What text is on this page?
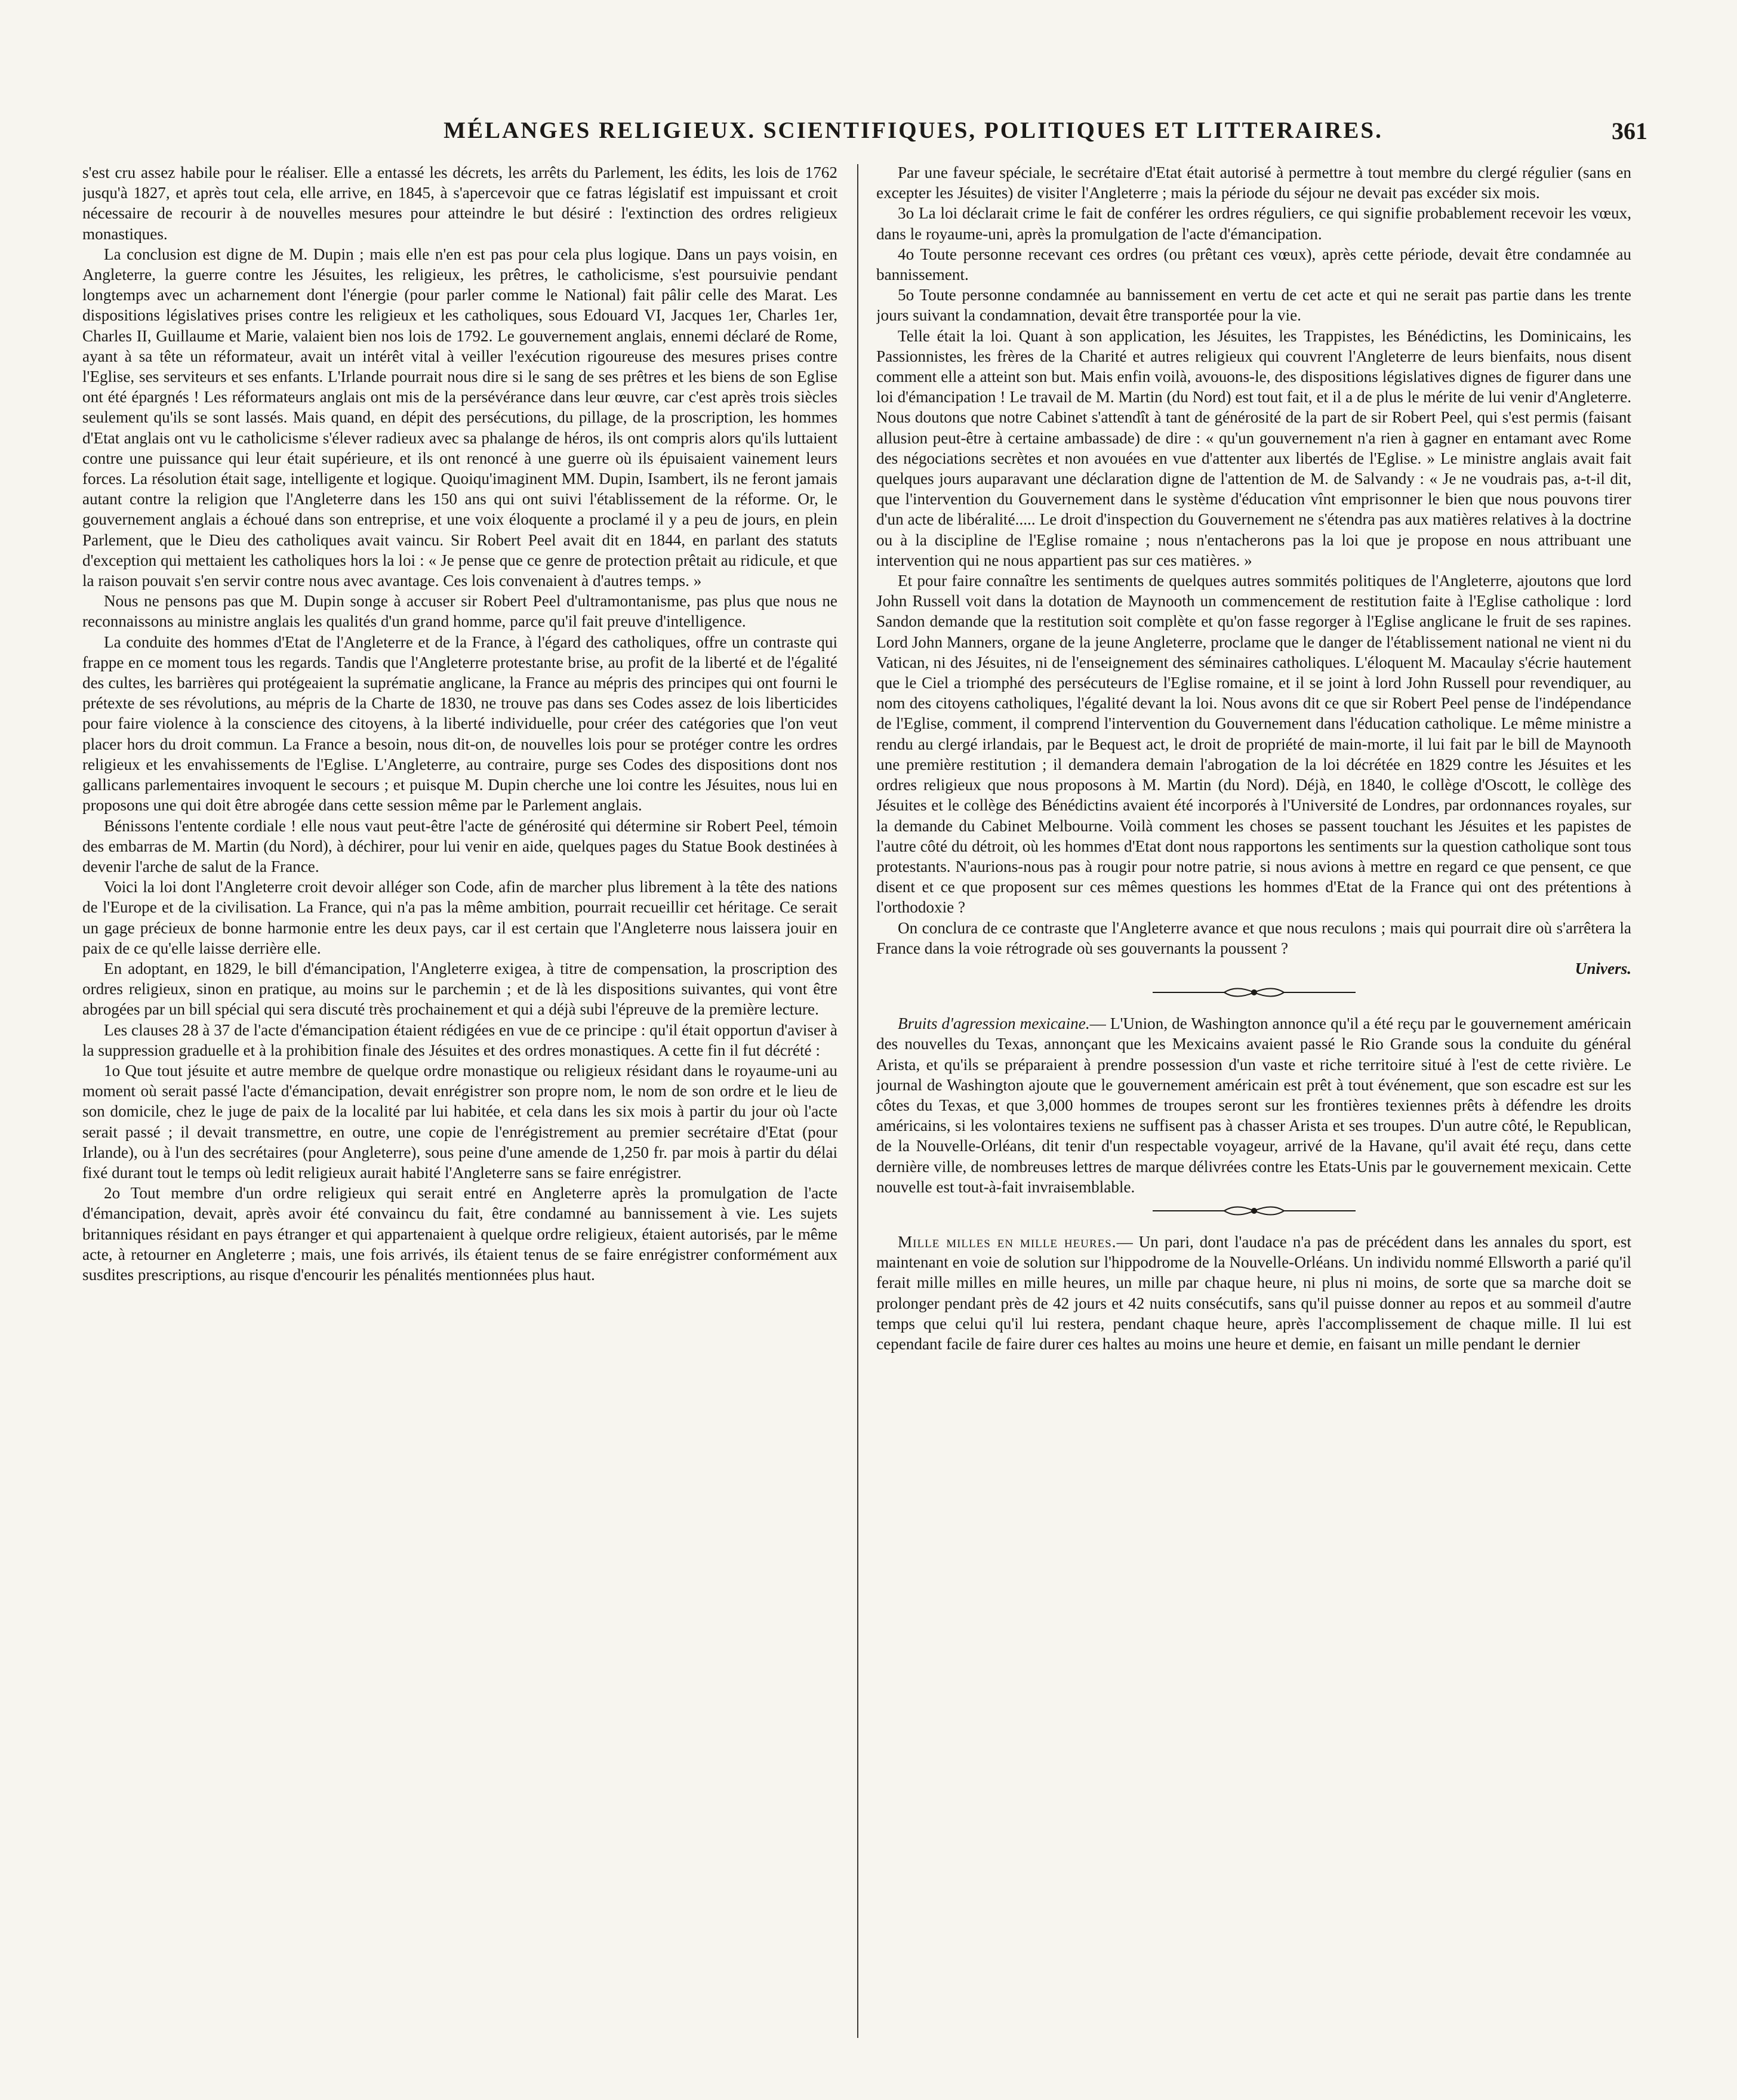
MÉLANGES RELIGIEUX. SCIENTIFIQUES, POLITIQUES ET LITTERAIRES.	361

s'est cru assez habile pour le réaliser. Elle a entassé les décrets, les arrêts du Parlement, les édits, les lois de 1762 jusqu'à 1827, et après tout cela, elle arrive, en 1845, à s'apercevoir que ce fatras législatif est impuissant et croit nécessaire de recourir à de nouvelles mesures pour atteindre le but désiré : l'extinction des ordres religieux monastiques.

La conclusion est digne de M. Dupin ; mais elle n'en est pas pour cela plus logique. Dans un pays voisin, en Angleterre, la guerre contre les Jésuites, les religieux, les prêtres, le catholicisme, s'est poursuivie pendant longtemps avec un acharnement dont l'énergie (pour parler comme le National) fait pâlir celle des Marat. Les dispositions législatives prises contre les religieux et les catholiques, sous Edouard VI, Jacques 1er, Charles 1er, Charles II, Guillaume et Marie, valaient bien nos lois de 1792. Le gouvernement anglais, ennemi déclaré de Rome, ayant à sa tête un réformateur, avait un intérêt vital à veiller l'exécution rigoureuse des mesures prises contre l'Eglise, ses serviteurs et ses enfants. L'Irlande pourrait nous dire si le sang de ses prêtres et les biens de son Eglise ont été épargnés ! Les réformateurs anglais ont mis de la persévérance dans leur œuvre, car c'est après trois siècles seulement qu'ils se sont lassés. Mais quand, en dépit des persécutions, du pillage, de la proscription, les hommes d'Etat anglais ont vu le catholicisme s'élever radieux avec sa phalange de héros, ils ont compris alors qu'ils luttaient contre une puissance qui leur était supérieure, et ils ont renoncé à une guerre où ils épuisaient vainement leurs forces. La résolution était sage, intelligente et logique. Quoiqu'imaginent MM. Dupin, Isambert, ils ne feront jamais autant contre la religion que l'Angleterre dans les 150 ans qui ont suivi l'établissement de la réforme. Or, le gouvernement anglais a échoué dans son entreprise, et une voix éloquente a proclamé il y a peu de jours, en plein Parlement, que le Dieu des catholiques avait vaincu. Sir Robert Peel avait dit en 1844, en parlant des statuts d'exception qui mettaient les catholiques hors la loi : « Je pense que ce genre de protection prêtait au ridicule, et que la raison pouvait s'en servir contre nous avec avantage. Ces lois convenaient à d'autres temps. »

Nous ne pensons pas que M. Dupin songe à accuser sir Robert Peel d'ultramontanisme, pas plus que nous ne reconnaissons au ministre anglais les qualités d'un grand homme, parce qu'il fait preuve d'intelligence.

La conduite des hommes d'Etat de l'Angleterre et de la France, à l'égard des catholiques, offre un contraste qui frappe en ce moment tous les regards. Tandis que l'Angleterre protestante brise, au profit de la liberté et de l'égalité des cultes, les barrières qui protégeaient la suprématie anglicane, la France au mépris des principes qui ont fourni le prétexte de ses révolutions, au mépris de la Charte de 1830, ne trouve pas dans ses Codes assez de lois liberticides pour faire violence à la conscience des citoyens, à la liberté individuelle, pour créer des catégories que l'on veut placer hors du droit commun. La France a besoin, nous dit-on, de nouvelles lois pour se protéger contre les ordres religieux et les envahissements de l'Eglise. L'Angleterre, au contraire, purge ses Codes des dispositions dont nos gallicans parlementaires invoquent le secours ; et puisque M. Dupin cherche une loi contre les Jésuites, nous lui en proposons une qui doit être abrogée dans cette session même par le Parlement anglais.

Bénissons l'entente cordiale ! elle nous vaut peut-être l'acte de générosité qui détermine sir Robert Peel, témoin des embarras de M. Martin (du Nord), à déchirer, pour lui venir en aide, quelques pages du Statue Book destinées à devenir l'arche de salut de la France.

Voici la loi dont l'Angleterre croit devoir alléger son Code, afin de marcher plus librement à la tête des nations de l'Europe et de la civilisation. La France, qui n'a pas la même ambition, pourrait recueillir cet héritage. Ce serait un gage précieux de bonne harmonie entre les deux pays, car il est certain que l'Angleterre nous laissera jouir en paix de ce qu'elle laisse derrière elle.

En adoptant, en 1829, le bill d'émancipation, l'Angleterre exigea, à titre de compensation, la proscription des ordres religieux, sinon en pratique, au moins sur le parchemin ; et de là les dispositions suivantes, qui vont être abrogées par un bill spécial qui sera discuté très prochainement et qui a déjà subi l'épreuve de la première lecture.

Les clauses 28 à 37 de l'acte d'émancipation étaient rédigées en vue de ce principe : qu'il était opportun d'aviser à la suppression graduelle et à la prohibition finale des Jésuites et des ordres monastiques. A cette fin il fut décrété :

1o Que tout jésuite et autre membre de quelque ordre monastique ou religieux résidant dans le royaume-uni au moment où serait passé l'acte d'émancipation, devait enrégistrer son propre nom, le nom de son ordre et le lieu de son domicile, chez le juge de paix de la localité par lui habitée, et cela dans les six mois à partir du jour où l'acte serait passé ; il devait transmettre, en outre, une copie de l'enrégistrement au premier secrétaire d'Etat (pour Irlande), ou à l'un des secrétaires (pour Angleterre), sous peine d'une amende de 1,250 fr. par mois à partir du délai fixé durant tout le temps où ledit religieux aurait habité l'Angleterre sans se faire enrégistrer.

2o Tout membre d'un ordre religieux qui serait entré en Angleterre après la promulgation de l'acte d'émancipation, devait, après avoir été convaincu du fait, être condamné au bannissement à vie. Les sujets britanniques résidant en pays étranger et qui appartenaient à quelque ordre religieux, étaient autorisés, par le même acte, à retourner en Angleterre ; mais, une fois arrivés, ils étaient tenus de se faire enrégistrer conformément aux susdites prescriptions, au risque d'encourir les pénalités mentionnées plus haut.

Par une faveur spéciale, le secrétaire d'Etat était autorisé à permettre à tout membre du clergé régulier (sans en excepter les Jésuites) de visiter l'Angleterre ; mais la période du séjour ne devait pas excéder six mois.

3o La loi déclarait crime le fait de conférer les ordres réguliers, ce qui signifie probablement recevoir les vœux, dans le royaume-uni, après la promulgation de l'acte d'émancipation.

4o Toute personne recevant ces ordres (ou prêtant ces vœux), après cette période, devait être condamnée au bannissement.

5o Toute personne condamnée au bannissement en vertu de cet acte et qui ne serait pas partie dans les trente jours suivant la condamnation, devait être transportée pour la vie.

Telle était la loi. Quant à son application, les Jésuites, les Trappistes, les Bénédictins, les Dominicains, les Passionnistes, les frères de la Charité et autres religieux qui couvrent l'Angleterre de leurs bienfaits, nous disent comment elle a atteint son but. Mais enfin voilà, avouons-le, des dispositions législatives dignes de figurer dans une loi d'émancipation ! Le travail de M. Martin (du Nord) est tout fait, et il a de plus le mérite de lui venir d'Angleterre. Nous doutons que notre Cabinet s'attendît à tant de générosité de la part de sir Robert Peel, qui s'est permis (faisant allusion peut-être à certaine ambassade) de dire : « qu'un gouvernement n'a rien à gagner en entamant avec Rome des négociations secrètes et non avouées en vue d'attenter aux libertés de l'Eglise. » Le ministre anglais avait fait quelques jours auparavant une déclaration digne de l'attention de M. de Salvandy : « Je ne voudrais pas, a-t-il dit, que l'intervention du Gouvernement dans le système d'éducation vînt emprisonner le bien que nous pouvons tirer d'un acte de libéralité..... Le droit d'inspection du Gouvernement ne s'étendra pas aux matières relatives à la doctrine ou à la discipline de l'Eglise romaine ; nous n'entacherons pas la loi que je propose en nous attribuant une intervention qui ne nous appartient pas sur ces matières. »

Et pour faire connaître les sentiments de quelques autres sommités politiques de l'Angleterre, ajoutons que lord John Russell voit dans la dotation de Maynooth un commencement de restitution faite à l'Eglise catholique : lord Sandon demande que la restitution soit complète et qu'on fasse regorger à l'Eglise anglicane le fruit de ses rapines. Lord John Manners, organe de la jeune Angleterre, proclame que le danger de l'établissement national ne vient ni du Vatican, ni des Jésuites, ni de l'enseignement des séminaires catholiques. L'éloquent M. Macaulay s'écrie hautement que le Ciel a triomphé des persécuteurs de l'Eglise romaine, et il se joint à lord John Russell pour revendiquer, au nom des citoyens catholiques, l'égalité devant la loi. Nous avons dit ce que sir Robert Peel pense de l'indépendance de l'Eglise, comment, il comprend l'intervention du Gouvernement dans l'éducation catholique. Le même ministre a rendu au clergé irlandais, par le Bequest act, le droit de propriété de main-morte, il lui fait par le bill de Maynooth une première restitution ; il demandera demain l'abrogation de la loi décrétée en 1829 contre les Jésuites et les ordres religieux que nous proposons à M. Martin (du Nord). Déjà, en 1840, le collège d'Oscott, le collège des Jésuites et le collège des Bénédictins avaient été incorporés à l'Université de Londres, par ordonnances royales, sur la demande du Cabinet Melbourne. Voilà comment les choses se passent touchant les Jésuites et les papistes de l'autre côté du détroit, où les hommes d'Etat dont nous rapportons les sentiments sur la question catholique sont tous protestants. N'aurions-nous pas à rougir pour notre patrie, si nous avions à mettre en regard ce que pensent, ce que disent et ce que proposent sur ces mêmes questions les hommes d'Etat de la France qui ont des prétentions à l'orthodoxie ?

On conclura de ce contraste que l'Angleterre avance et que nous reculons ; mais qui pourrait dire où s'arrêtera la France dans la voie rétrograde où ses gouvernants la poussent ?

Univers.

Bruits d'agression mexicaine.— L'Union, de Washington annonce qu'il a été reçu par le gouvernement américain des nouvelles du Texas, annonçant que les Mexicains avaient passé le Rio Grande sous la conduite du général Arista, et qu'ils se préparaient à prendre possession d'un vaste et riche territoire situé à l'est de cette rivière. Le journal de Washington ajoute que le gouvernement américain est prêt à tout événement, que son escadre est sur les côtes du Texas, et que 3,000 hommes de troupes seront sur les frontières texiennes prêts à défendre les droits américains, si les volontaires texiens ne suffisent pas à chasser Arista et ses troupes. D'un autre côté, le Republican, de la Nouvelle-Orléans, dit tenir d'un respectable voyageur, arrivé de la Havane, qu'il avait été reçu, dans cette dernière ville, de nombreuses lettres de marque délivrées contre les Etats-Unis par le gouvernement mexicain. Cette nouvelle est tout-à-fait invraisemblable.

Mille milles en mille heures.— Un pari, dont l'audace n'a pas de précédent dans les annales du sport, est maintenant en voie de solution sur l'hippodrome de la Nouvelle-Orléans. Un individu nommé Ellsworth a parié qu'il ferait mille milles en mille heures, un mille par chaque heure, ni plus ni moins, de sorte que sa marche doit se prolonger pendant près de 42 jours et 42 nuits consécutifs, sans qu'il puisse donner au repos et au sommeil d'autre temps que celui qu'il lui restera, pendant chaque heure, après l'accomplissement de chaque mille. Il lui est cependant facile de faire durer ces haltes au moins une heure et demie, en faisant un mille pendant le dernier
